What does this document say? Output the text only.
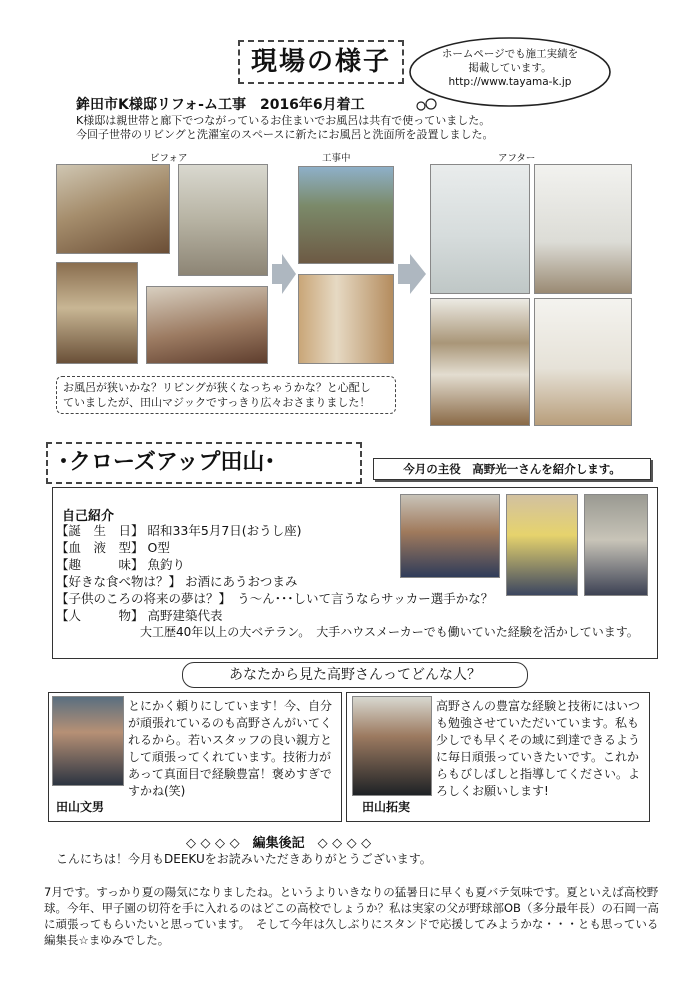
現場の様子	ホームページでも施工実績を
掲載しています。
http://www.tayama-k.jp
鉾田市K様邸リフォ-ム工事　2016年6月着工
K様邸は親世帯と廊下でつながっているお住まいでお風呂は共有で使っていました。
今回子世帯のリビングと洗濯室のスペースに新たにお風呂と洗面所を設置しました。
ビフォア	工事中	アフター
お風呂が狭いかな？リビングが狭くなっちゃうかな？と心配し
ていましたが、田山マジックですっきり広々おさまりました！
･クローズアップ田山･	今月の主役　高野光一さんを紹介します。
自己紹介
【誕　生　日】 昭和33年5月7日(おうし座)
【血　液　型】 O型
【趣　　　味】 魚釣り
【好きな食べ物は？】 お酒にあうおつまみ
【子供のころの将来の夢は？】　う～ん･･･しいて言うならサッカー選手かな？
【人　　　物】 高野建築代表
　　　　　　　大工歴40年以上の大ベテラン。　大手ハウスメーカーでも働いていた経験を活かしています。
あなたから見た高野さんってどんな人？
田山文男
とにかく頼りにしています！今、自分が頑張れているのも高野さんがいてくれるから。若いスタッフの良い親方として頑張ってくれています。技術力があって真面目で経験豊富！褒めすぎですかね(笑)
田山拓実
高野さんの豊富な経験と技術にはいつも勉強させていただいています。私も少しでも早くその域に到達できるように毎日頑張っていきたいです。これからもびしばしと指導してください。よろしくお願いします!
◇ ◇ ◇ ◇　編集後記　◇ ◇ ◇ ◇
こんにちは！今月もDEEKUをお読みいただきありがとうございます。
7月です。すっかり夏の陽気になりましたね。というよりいきなりの猛暑日に早くも夏バテ気味です。夏といえば高校野球。今年、甲子園の切符を手に入れるのはどこの高校でしょうか？私は実家の父が野球部OB（多分最年長）の石岡一高に頑張ってもらいたいと思っています。　そして今年は久しぶりにスタンドで応援してみようかな・・・とも思っている　編集長☆まゆみでした。
